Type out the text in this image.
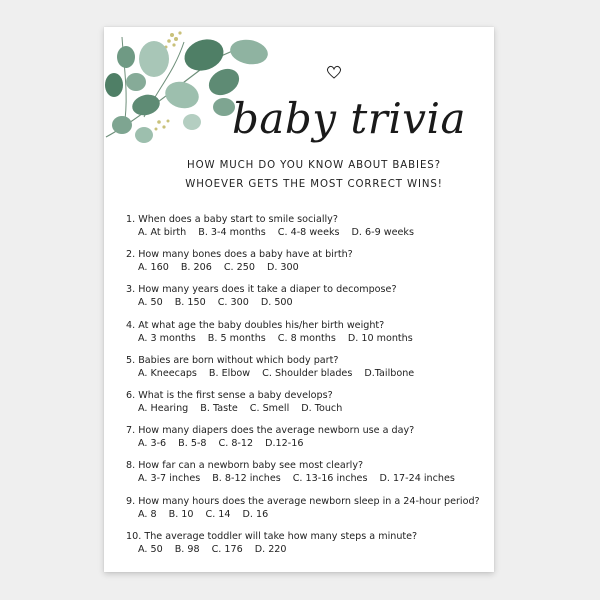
baby trivia
HOW MUCH DO YOU KNOW ABOUT BABIES?
WHOEVER GETS THE MOST CORRECT WINS!
1. When does a baby start to smile socially?
A. At birth B. 3-4 months C. 4-8 weeks D. 6-9 weeks
2. How many bones does a baby have at birth?
A. 160 B. 206 C. 250 D. 300
3. How many years does it take a diaper to decompose?
A. 50 B. 150 C. 300 D. 500
4. At what age the baby doubles his/her birth weight?
A. 3 months B. 5 months C. 8 months D. 10 months
5. Babies are born without which body part?
A. Kneecaps B. Elbow C. Shoulder blades D.Tailbone
6. What is the first sense a baby develops?
A. Hearing B. Taste C. Smell D. Touch
7. How many diapers does the average newborn use a day?
A. 3-6 B. 5-8 C. 8-12 D.12-16
8. How far can a newborn baby see most clearly?
A. 3-7 inches B. 8-12 inches C. 13-16 inches D. 17-24 inches
9. How many hours does the average newborn sleep in a 24-hour period?
A. 8 B. 10 C. 14 D. 16
10. The average toddler will take how many steps a minute?
A. 50 B. 98 C. 176 D. 220
